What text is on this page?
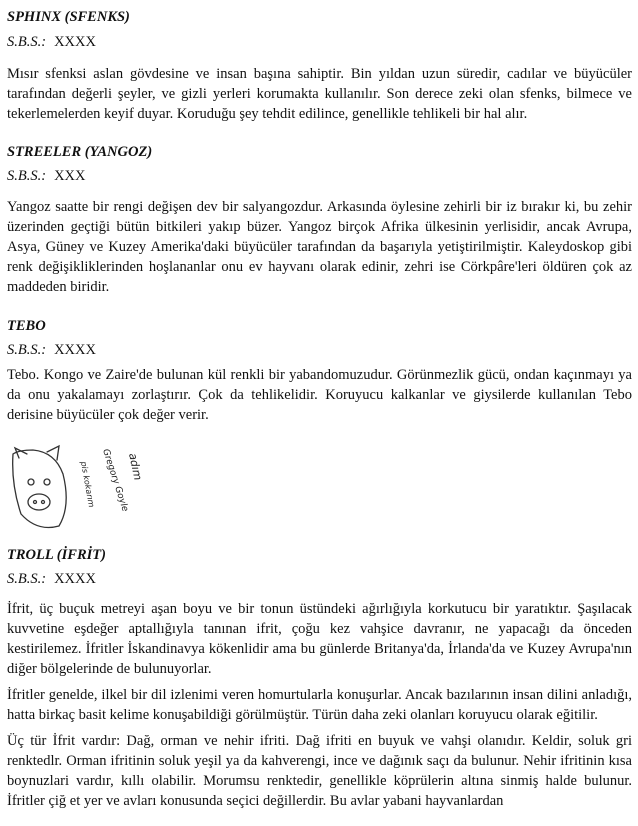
SPHINX (SFENKS)
S.B.S.: XXXX

Mısır sfenksi aslan gövdesine ve insan başına sahiptir. Bin yıldan uzun süredir, cadılar ve büyücüler tarafından değerli şeyler, ve gizli yerleri korumakta kullanılır. Son derece zeki olan sfenks, bilmece ve tekerlemelerden keyif duyar. Koruduğu şey tehdit edilince, genellikle tehlikeli bir hal alır.

STREELER (YANGOZ)
S.B.S.: XXX

Yangoz saatte bir rengi değişen dev bir salyangozdur. Arkasında öylesine zehirli bir iz bırakır ki, bu zehir üzerinden geçtiği bütün bitkileri yakıp büzer. Yangoz birçok Afrika ülkesinin yerlisidir, ancak Avrupa, Asya, Güney ve Kuzey Amerika'daki büyücüler tarafından da başarıyla yetiştirilmiştir. Kaleydoskop gibi renk değişikliklerinden hoşlananlar onu ev hayvanı olarak edinir, zehri ise Cörkpâre'leri öldüren çok az maddeden biridir.

TEBO
S.B.S.: XXXX

Tebo. Kongo ve Zaire'de bulunan kül renkli bir yabandomuzudur. Görünmezlik gücü, ondan kaçınmayı ya da onu yakalamayı zorlaştırır. Çok da tehlikelidir. Koruyucu kalkanlar ve giysilerde kullanılan Tebo derisine büyücüler çok değer verir.

adım
Gregory Goyle
pis kokarım
TROLL (İFRİT)
S.B.S.: XXXX

İfrit, üç buçuk metreyi aşan boyu ve bir tonun üstündeki ağırlığıyla korkutucu bir yaratıktır. Şaşılacak kuvvetine eşdeğer aptallığıyla tanınan ifrit, çoğu kez vahşice davranır, ne yapacağı da önceden kestirilemez. İfritler İskandinavya kökenlidir ama bu günlerde Britanya'da, İrlanda'da ve Kuzey Avrupa'nın diğer bölgelerinde de bulunuyorlar.

İfritler genelde, ilkel bir dil izlenimi veren homurtularla konuşurlar. Ancak bazılarının insan dilini anladığı, hatta birkaç basit kelime konuşabildiği görülmüştür. Türün daha zeki olanları koruyucu olarak eğitilir.

Üç tür İfrit vardır: Dağ, orman ve nehir ifriti. Dağ ifriti en buyuk ve vahşi olanıdır. Keldir, soluk gri renktedlr. Orman ifritinin soluk yeşil ya da kahverengi, ince ve dağınık saçı da bulunur. Nehir ifritinin kısa boynuzlari vardır, kıllı olabilir. Morumsu renktedir, genellikle köprülerin altına sinmiş halde bulunur. İfritler çiğ et yer ve avları konusunda seçici değillerdir. Bu avlar yabani hayvanlardan
